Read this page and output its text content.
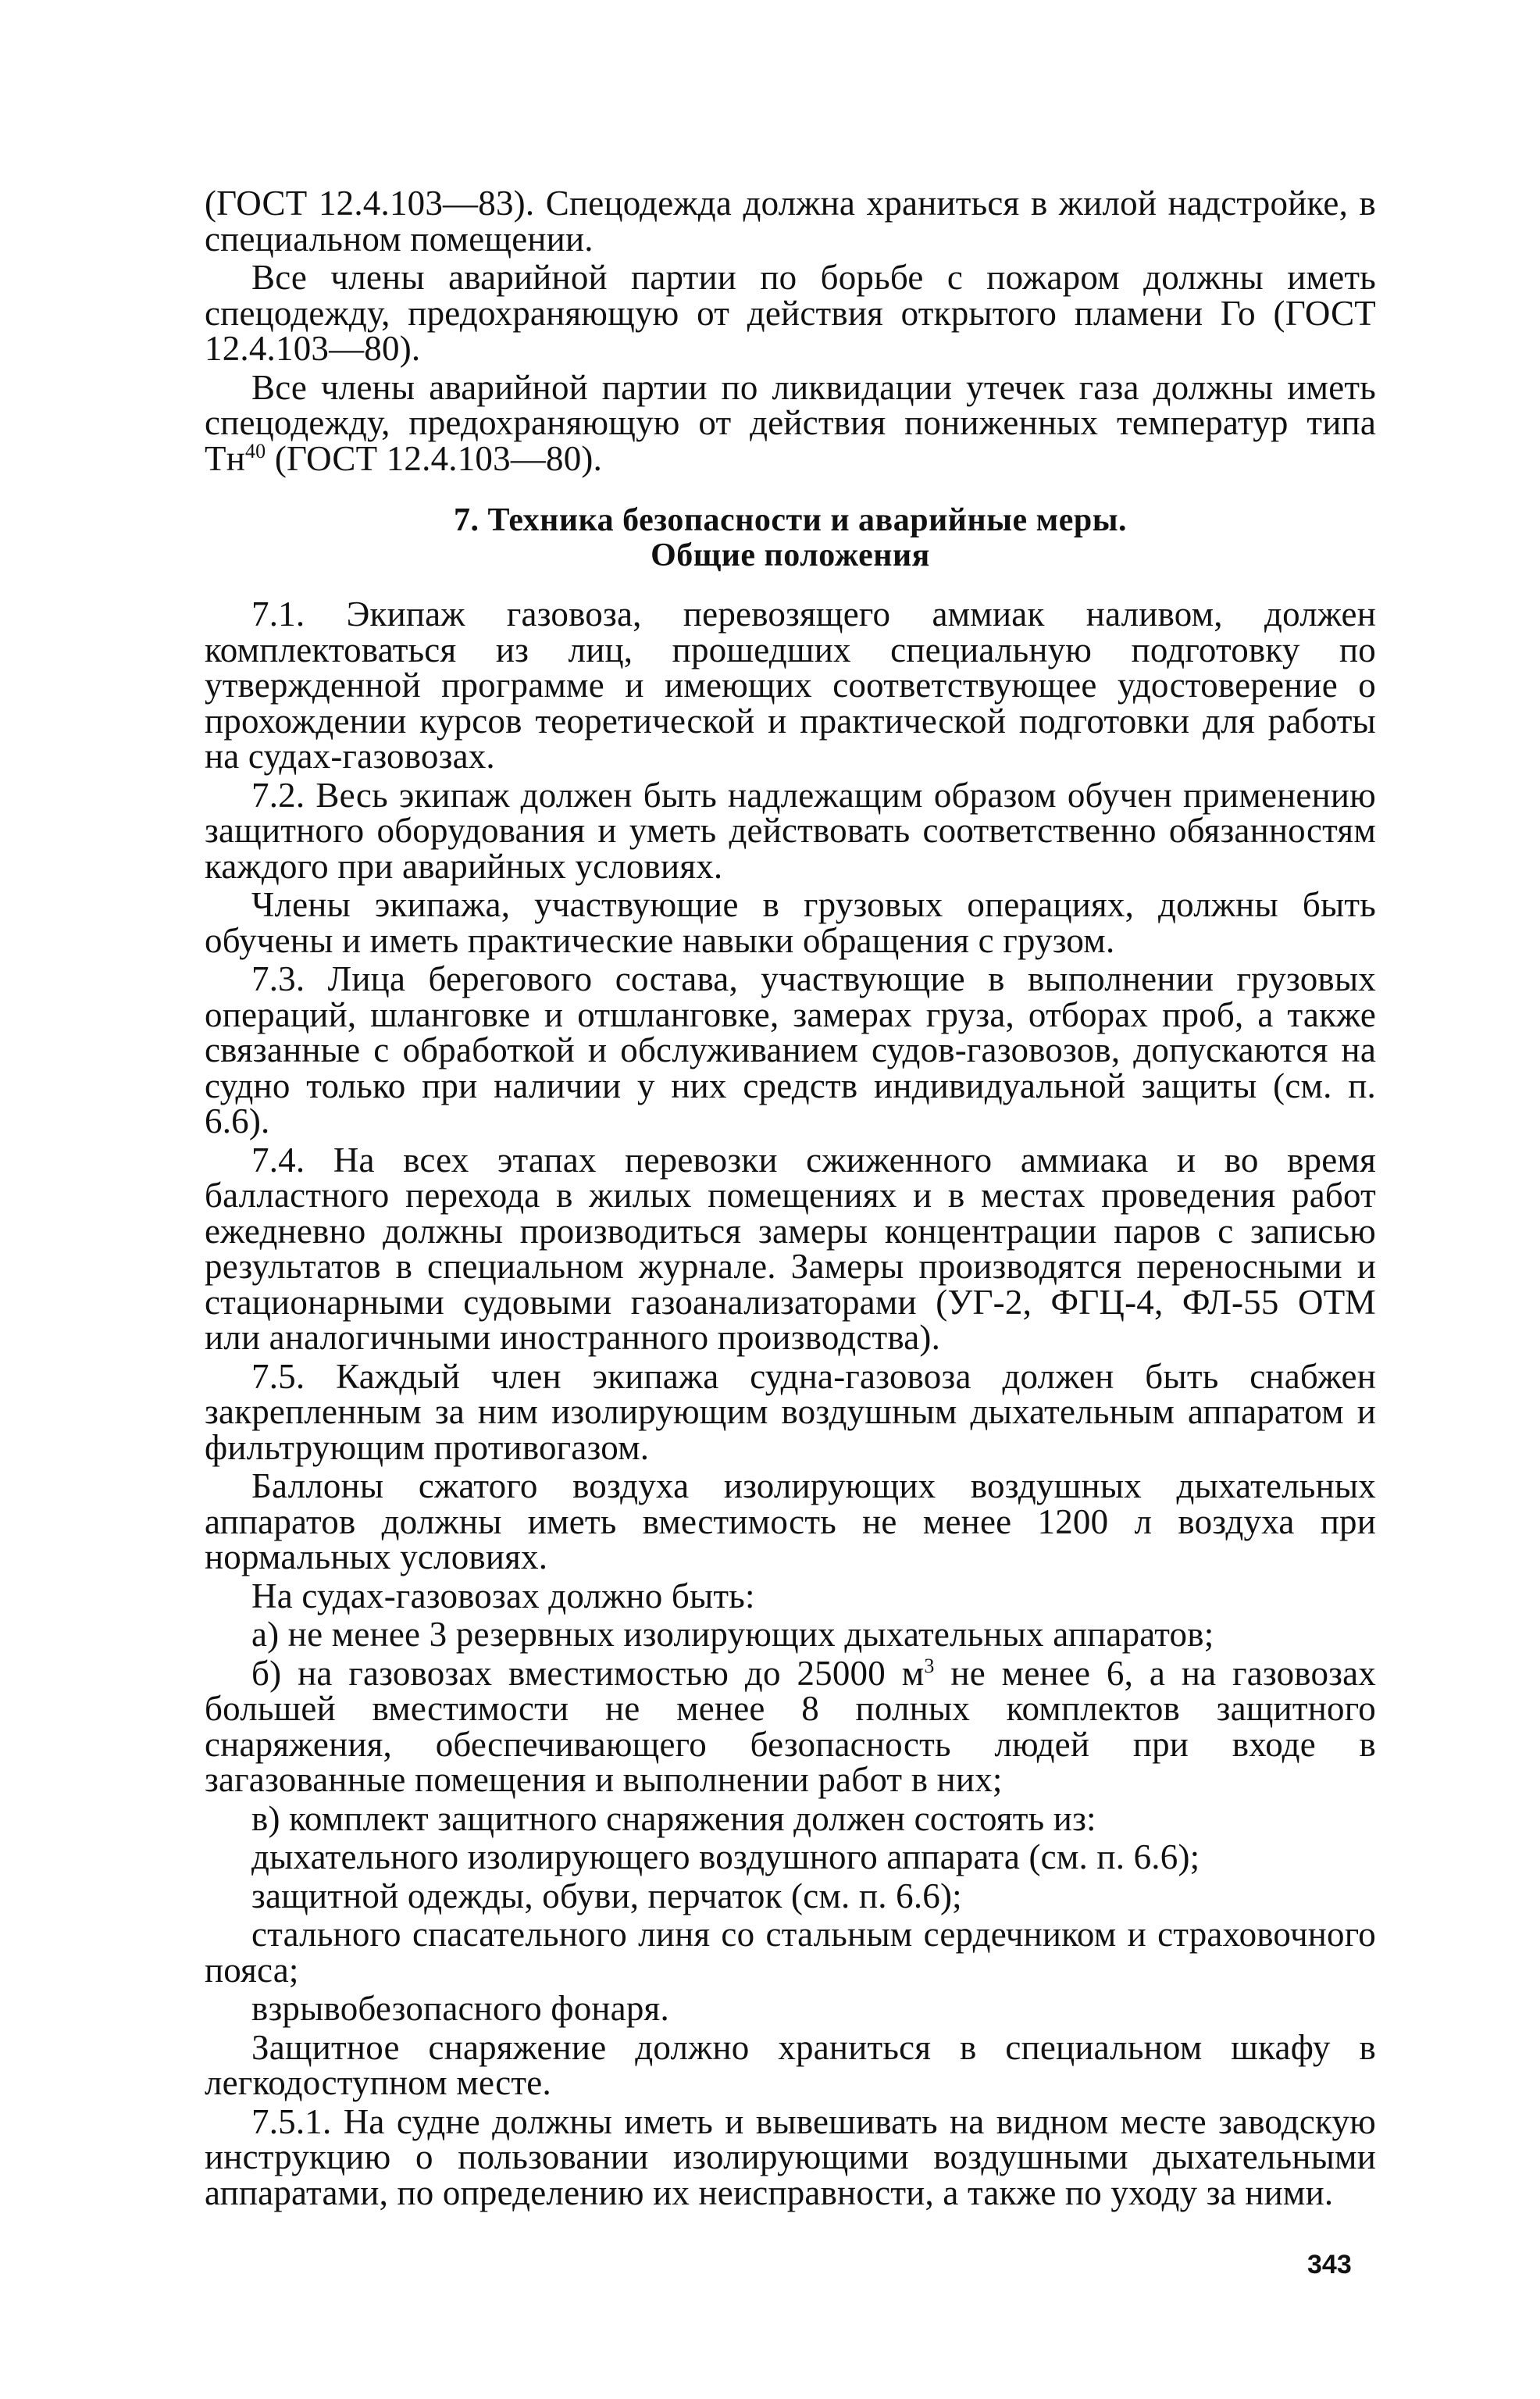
(ГОСТ 12.4.103—83). Спецодежда должна храниться в жилой надстройке, в специальном помещении.

Все члены аварийной партии по борьбе с пожаром должны иметь спецодежду, предохраняющую от действия открытого пламени Го (ГОСТ 12.4.103—80).

Все члены аварийной партии по ликвидации утечек газа должны иметь спецодежду, предохраняющую от действия пониженных температур типа $Тн^{40}$ (ГОСТ 12.4.103—80).

7. Техника безопасности и аварийные меры.
Общие положения

7.1. Экипаж газовоза, перевозящего аммиак наливом, должен комплектоваться из лиц, прошедших специальную подготовку по утвержденной программе и имеющих соответствующее удостоверение о прохождении курсов теоретической и практической подготовки для работы на судах-газовозах.

7.2. Весь экипаж должен быть надлежащим образом обучен применению защитного оборудования и уметь действовать соответственно обязанностям каждого при аварийных условиях.

Члены экипажа, участвующие в грузовых операциях, должны быть обучены и иметь практические навыки обращения с грузом.

7.3. Лица берегового состава, участвующие в выполнении грузовых операций, шланговке и отшланговке, замерах груза, отборах проб, а также связанные с обработкой и обслуживанием судов-газовозов, допускаются на судно только при наличии у них средств индивидуальной защиты (см. п. 6.6).

7.4. На всех этапах перевозки сжиженного аммиака и во время балластного перехода в жилых помещениях и в местах проведения работ ежедневно должны производиться замеры концентрации паров с записью результатов в специальном журнале. Замеры производятся переносными и стационарными судовыми газоанализаторами (УГ-2, ФГЦ-4, ФЛ-55 ОТМ или аналогичными иностранного производства).

7.5. Каждый член экипажа судна-газовоза должен быть снабжен закрепленным за ним изолирующим воздушным дыхательным аппаратом и фильтрующим противогазом.

Баллоны сжатого воздуха изолирующих воздушных дыхательных аппаратов должны иметь вместимость не менее 1200 л воздуха при нормальных условиях.

На судах-газовозах должно быть:

а) не менее 3 резервных изолирующих дыхательных аппаратов;

б) на газовозах вместимостью до 25000 $м^3$ не менее 6, а на газовозах большей вместимости не менее 8 полных комплектов защитного снаряжения, обеспечивающего безопасность людей при входе в загазованные помещения и выполнении работ в них;

в) комплект защитного снаряжения должен состоять из:

дыхательного изолирующего воздушного аппарата (см. п. 6.6);

защитной одежды, обуви, перчаток (см. п. 6.6);

стального спасательного линя со стальным сердечником и страховочного пояса;

взрывобезопасного фонаря.

Защитное снаряжение должно храниться в специальном шкафу в легкодоступном месте.

7.5.1. На судне должны иметь и вывешивать на видном месте заводскую инструкцию о пользовании изолирующими воздушными дыхательными аппаратами, по определению их неисправности, а также по уходу за ними.

343
